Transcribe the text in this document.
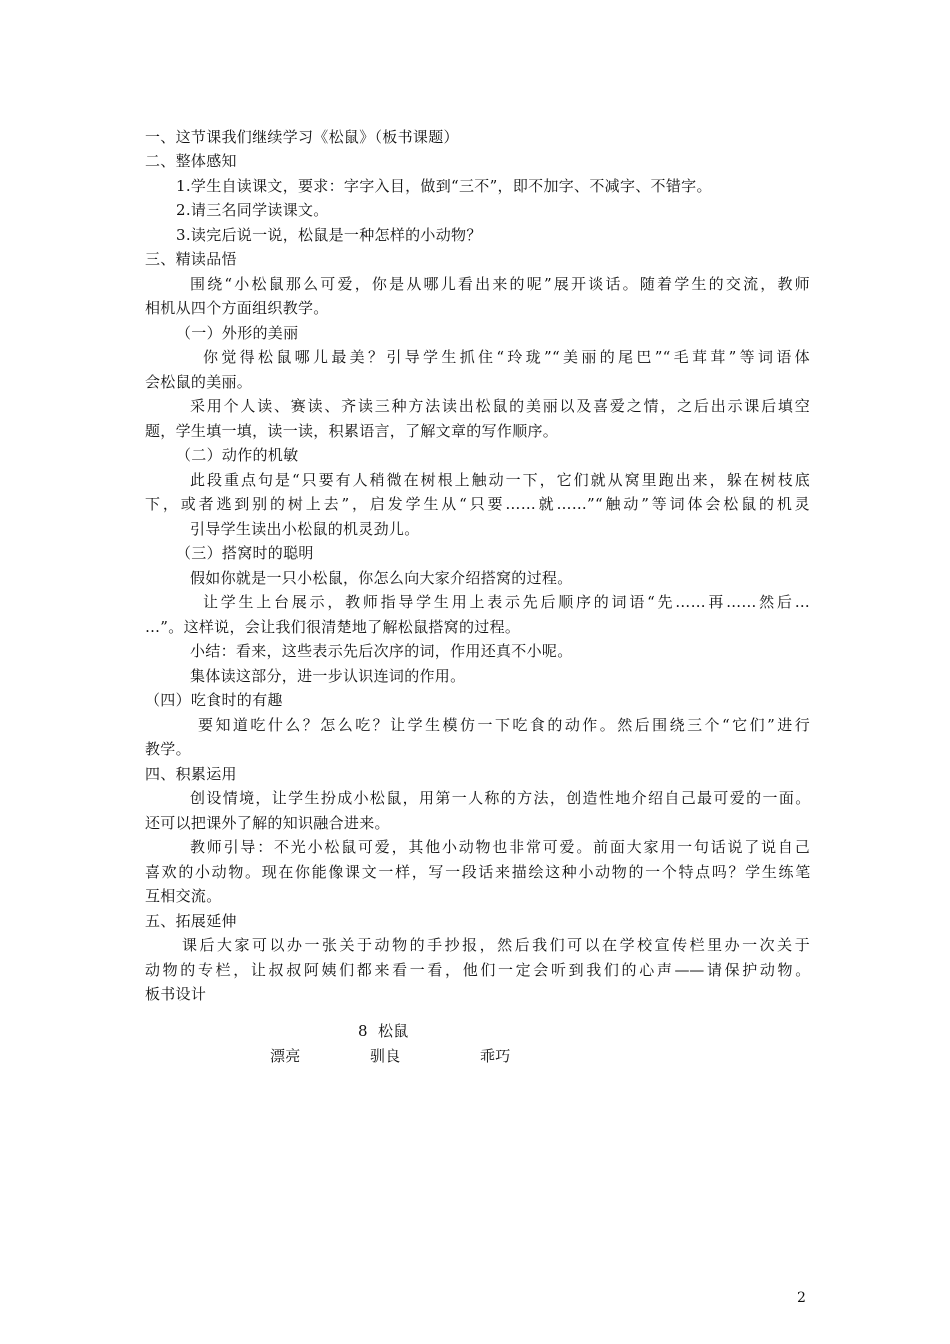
一、这节课我们继续学习《松鼠》（板书课题）
二、整体感知
1.学生自读课文，要求：字字入目，做到“三不”，即不加字、不减字、不错字。
2.请三名同学读课文。
3.读完后说一说，松鼠是一种怎样的小动物？
三、精读品悟
围绕“小松鼠那么可爱，你是从哪儿看出来的呢”展开谈话。随着学生的交流，教师
相机从四个方面组织教学。
（一）外形的美丽
你觉得松鼠哪儿最美？引导学生抓住“玲珑”“美丽的尾巴”“毛茸茸”等词语体
会松鼠的美丽。
采用个人读、赛读、齐读三种方法读出松鼠的美丽以及喜爱之情，之后出示课后填空
题，学生填一填，读一读，积累语言，了解文章的写作顺序。
（二）动作的机敏
此段重点句是“只要有人稍微在树根上触动一下，它们就从窝里跑出来，躲在树枝底
下，或者逃到别的树上去”，启发学生从“只要……就……”“触动”等词体会松鼠的机灵
引导学生读出小松鼠的机灵劲儿。
（三）搭窝时的聪明
假如你就是一只小松鼠，你怎么向大家介绍搭窝的过程。
让学生上台展示，教师指导学生用上表示先后顺序的词语“先……再……然后…
…”。这样说，会让我们很清楚地了解松鼠搭窝的过程。
小结：看来，这些表示先后次序的词，作用还真不小呢。
集体读这部分，进一步认识连词的作用。
（四）吃食时的有趣
要知道吃什么？怎么吃？让学生模仿一下吃食的动作。然后围绕三个“它们”进行
教学。
四、积累运用
创设情境，让学生扮成小松鼠，用第一人称的方法，创造性地介绍自己最可爱的一面。
还可以把课外了解的知识融合进来。
教师引导：不光小松鼠可爱，其他小动物也非常可爱。前面大家用一句话说了说自己
喜欢的小动物。现在你能像课文一样，写一段话来描绘这种小动物的一个特点吗？学生练笔
互相交流。
五、拓展延伸
课后大家可以办一张关于动物的手抄报，然后我们可以在学校宣传栏里办一次关于
动物的专栏，让叔叔阿姨们都来看一看，他们一定会听到我们的心声——请保护动物。
板书设计
8  松鼠
漂亮	驯良	乖巧
2
